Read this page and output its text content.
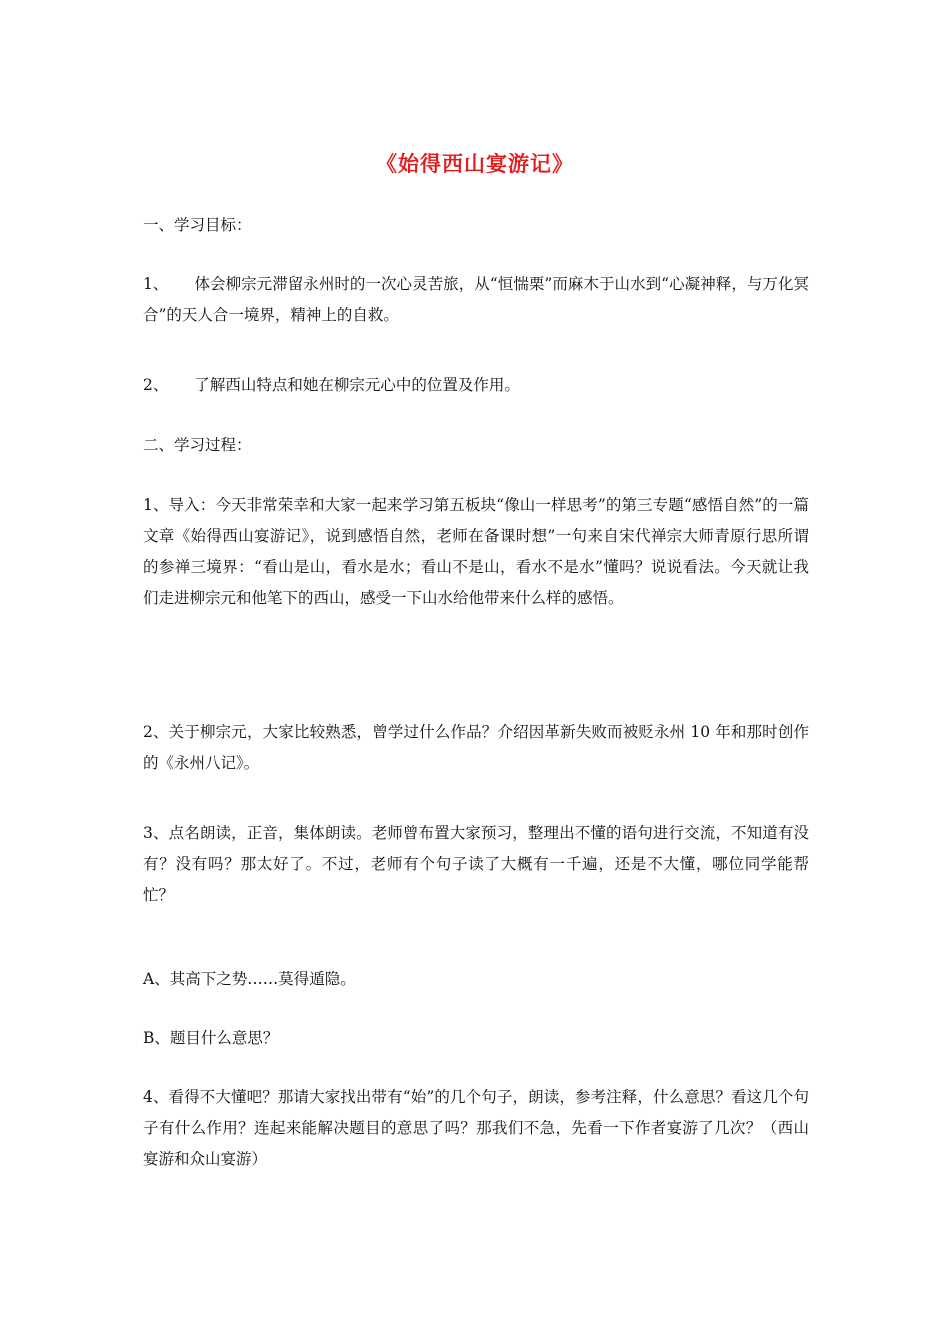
《始得西山宴游记》

一、学习目标：

1、 体会柳宗元滞留永州时的一次心灵苦旅，从“恒惴栗”而麻木于山水到“心凝神释，与万化冥合”的天人合一境界，精神上的自救。

2、 了解西山特点和她在柳宗元心中的位置及作用。

二、学习过程：

1、导入：今天非常荣幸和大家一起来学习第五板块“像山一样思考”的第三专题“感悟自然”的一篇文章《始得西山宴游记》，说到感悟自然，老师在备课时想”一句来自宋代禅宗大师青原行思所谓的参禅三境界：“看山是山，看水是水；看山不是山，看水不是水”懂吗？说说看法。今天就让我们走进柳宗元和他笔下的西山，感受一下山水给他带来什么样的感悟。

2、关于柳宗元，大家比较熟悉，曾学过什么作品？介绍因革新失败而被贬永州 10 年和那时创作的《永州八记》。

3、点名朗读，正音，集体朗读。老师曾布置大家预习，整理出不懂的语句进行交流，不知道有没有？没有吗？那太好了。不过，老师有个句子读了大概有一千遍，还是不大懂，哪位同学能帮忙？

A、其高下之势……莫得遁隐。

B、题目什么意思？

4、看得不大懂吧？那请大家找出带有“始”的几个句子，朗读，参考注释，什么意思？看这几个句子有什么作用？连起来能解决题目的意思了吗？那我们不急，先看一下作者宴游了几次？（西山宴游和众山宴游）
